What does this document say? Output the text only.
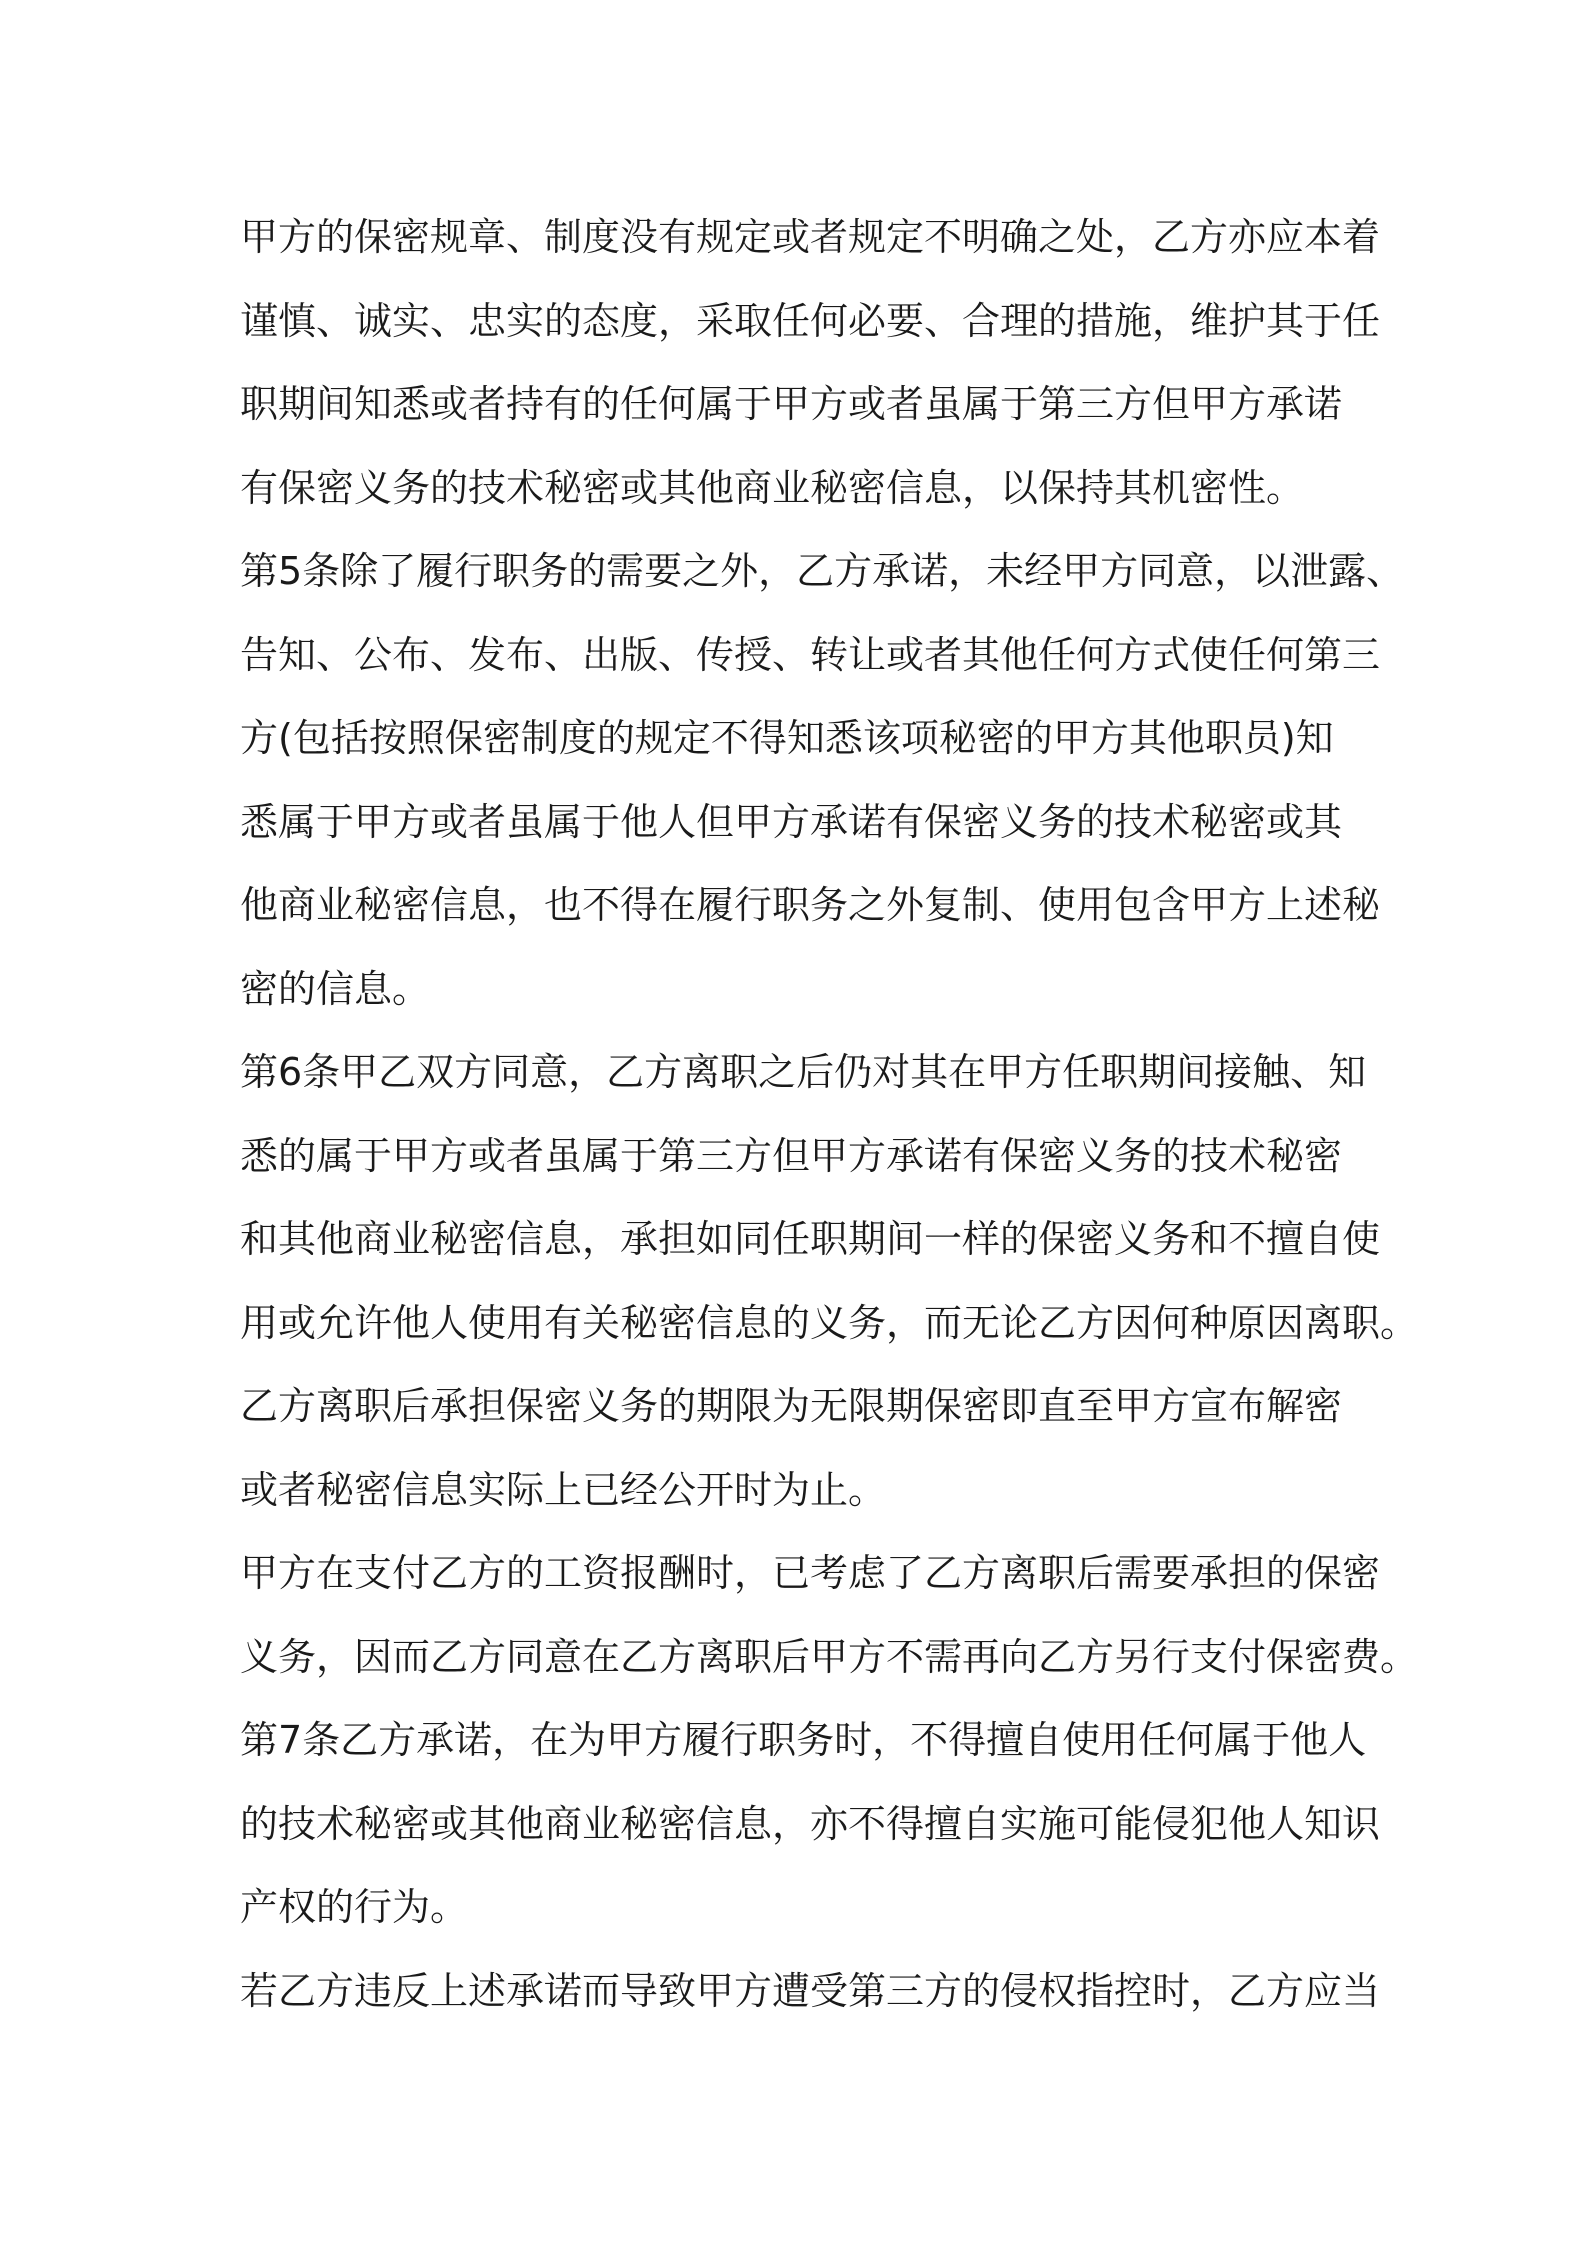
甲方的保密规章、制度没有规定或者规定不明确之处，乙方亦应本着
谨慎、诚实、忠实的态度，采取任何必要、合理的措施，维护其于任
职期间知悉或者持有的任何属于甲方或者虽属于第三方但甲方承诺
有保密义务的技术秘密或其他商业秘密信息，以保持其机密性。
第5条除了履行职务的需要之外，乙方承诺，未经甲方同意，以泄露、
告知、公布、发布、出版、传授、转让或者其他任何方式使任何第三
方(包括按照保密制度的规定不得知悉该项秘密的甲方其他职员)知
悉属于甲方或者虽属于他人但甲方承诺有保密义务的技术秘密或其
他商业秘密信息，也不得在履行职务之外复制、使用包含甲方上述秘
密的信息。
第6条甲乙双方同意，乙方离职之后仍对其在甲方任职期间接触、知
悉的属于甲方或者虽属于第三方但甲方承诺有保密义务的技术秘密
和其他商业秘密信息，承担如同任职期间一样的保密义务和不擅自使
用或允许他人使用有关秘密信息的义务，而无论乙方因何种原因离职。
乙方离职后承担保密义务的期限为无限期保密即直至甲方宣布解密
或者秘密信息实际上已经公开时为止。
甲方在支付乙方的工资报酬时，已考虑了乙方离职后需要承担的保密
义务，因而乙方同意在乙方离职后甲方不需再向乙方另行支付保密费。
第7条乙方承诺，在为甲方履行职务时，不得擅自使用任何属于他人
的技术秘密或其他商业秘密信息，亦不得擅自实施可能侵犯他人知识
产权的行为。
若乙方违反上述承诺而导致甲方遭受第三方的侵权指控时，乙方应当
